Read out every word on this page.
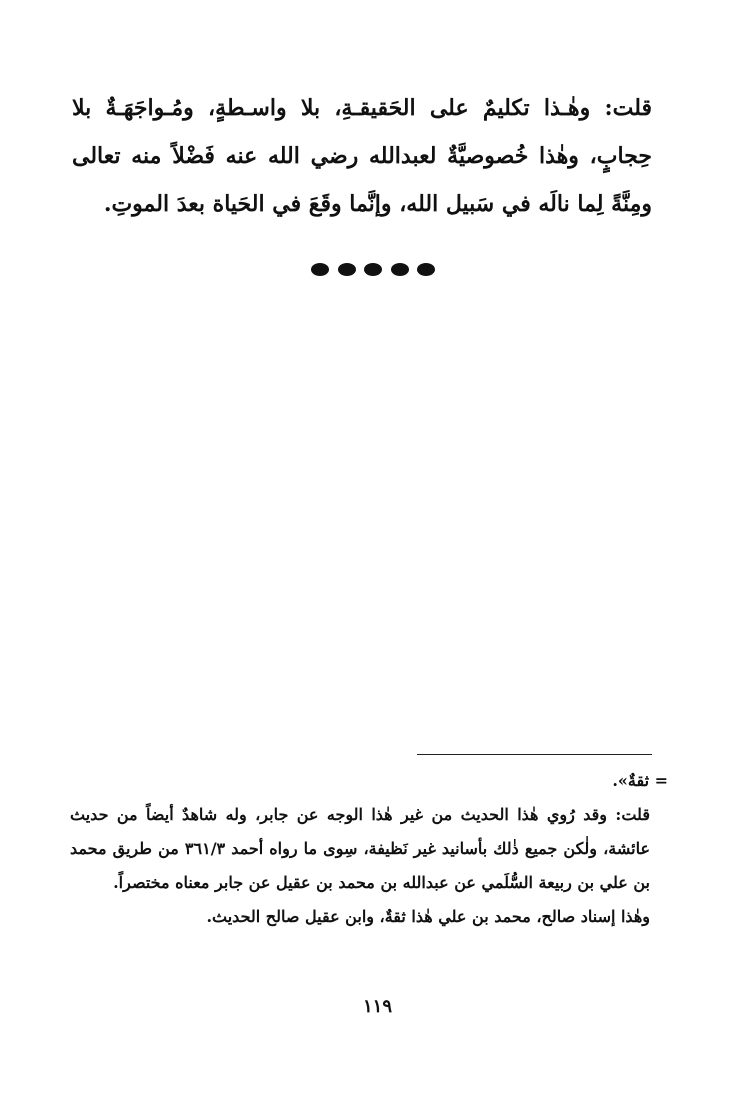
قلت: وهٰـذا تكليمٌ على الحَقيقـةِ، بلا واسـطةٍ، ومُـواجَهَـةٌ بلا حِجابٍ، وهٰذا خُصوصيَّةٌ لعبدالله رضي الله عنه فَضْلاً منه تعالى ومِنَّةً لِما نالَه في سَبيل الله، وإنَّما وقَعَ في الحَياة بعدَ الموتِ.

= ثقةٌ».

قلت: وقد رُوي هٰذا الحديث من غير هٰذا الوجه عن جابر، وله شاهدٌ أيضاً من حديث عائشة، ولٰكن جميع ذٰلك بأسانيد غير نَظيفة، سِوى ما رواه أحمد ٣٦١/٣ من طريق محمد بن علي بن ربيعة السُّلَمي عن عبدالله بن محمد بن عقيل عن جابر معناه مختصراً.

وهٰذا إسناد صالح، محمد بن علي هٰذا ثقةٌ، وابن عقيل صالح الحديث.

١١٩
